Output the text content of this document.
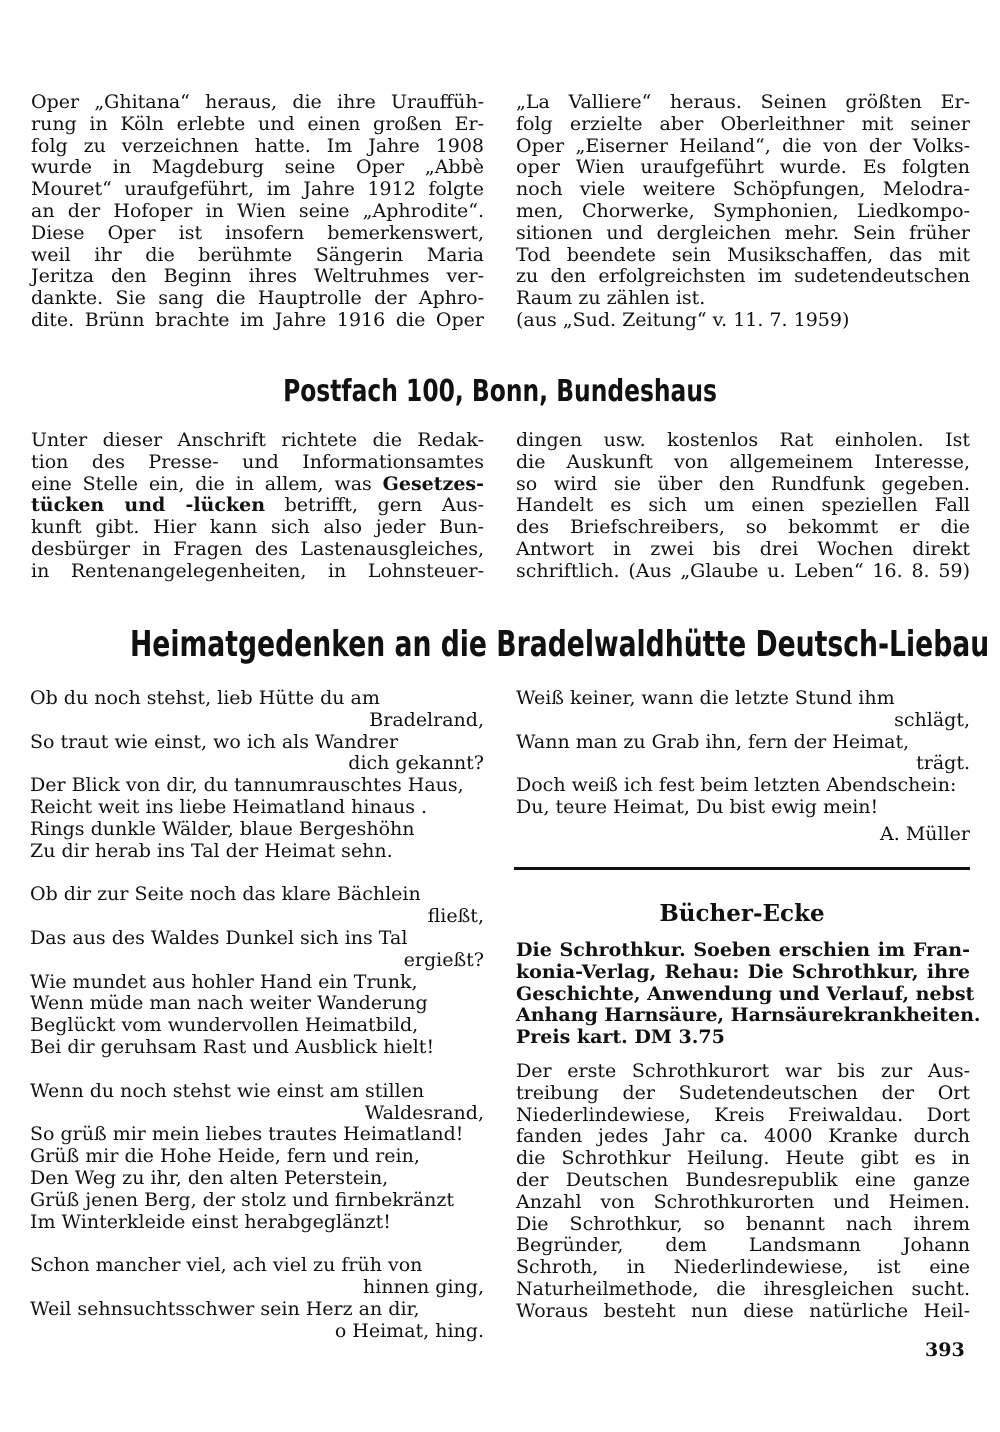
Oper „Ghitana“ heraus, die ihre Urauffüh-
rung in Köln erlebte und einen großen Er-
folg zu verzeichnen hatte. Im Jahre 1908
wurde in Magdeburg seine Oper „Abbè
Mouret“ uraufgeführt, im Jahre 1912 folgte
an der Hofoper in Wien seine „Aphrodite“.
Diese Oper ist insofern bemerkenswert,
weil ihr die berühmte Sängerin Maria
Jeritza den Beginn ihres Weltruhmes ver-
dankte. Sie sang die Hauptrolle der Aphro-
dite. Brünn brachte im Jahre 1916 die Oper
„La Valliere“ heraus. Seinen größten Er-
folg erzielte aber Oberleithner mit seiner
Oper „Eiserner Heiland“, die von der Volks-
oper Wien uraufgeführt wurde. Es folgten
noch viele weitere Schöpfungen, Melodra-
men, Chorwerke, Symphonien, Liedkompo-
sitionen und dergleichen mehr. Sein früher
Tod beendete sein Musikschaffen, das mit
zu den erfolgreichsten im sudetendeutschen
Raum zu zählen ist.
(aus „Sud. Zeitung“ v. 11. 7. 1959)
Postfach 100, Bonn, Bundeshaus
Unter dieser Anschrift richtete die Redak-
tion des Presse- und Informationsamtes
eine Stelle ein, die in allem, was Gesetzes-
tücken und -lücken betrifft, gern Aus-
kunft gibt. Hier kann sich also jeder Bun-
desbürger in Fragen des Lastenausgleiches,
in Rentenangelegenheiten, in Lohnsteuer-
dingen usw. kostenlos Rat einholen. Ist
die Auskunft von allgemeinem Interesse,
so wird sie über den Rundfunk gegeben.
Handelt es sich um einen speziellen Fall
des Briefschreibers, so bekommt er die
Antwort in zwei bis drei Wochen direkt
schriftlich. (Aus „Glaube u. Leben“ 16. 8. 59)
Heimatgedenken an die Bradelwaldhütte Deutsch-Liebau
Ob du noch stehst, lieb Hütte du am
Bradelrand,
So traut wie einst, wo ich als Wandrer
dich gekannt?
Der Blick von dir, du tannumrauschtes Haus,
Reicht weit ins liebe Heimatland hinaus .
Rings dunkle Wälder, blaue Bergeshöhn
Zu dir herab ins Tal der Heimat sehn.
Ob dir zur Seite noch das klare Bächlein
fließt,
Das aus des Waldes Dunkel sich ins Tal
ergießt?
Wie mundet aus hohler Hand ein Trunk,
Wenn müde man nach weiter Wanderung
Beglückt vom wundervollen Heimatbild,
Bei dir geruhsam Rast und Ausblick hielt!
Wenn du noch stehst wie einst am stillen
Waldesrand,
So grüß mir mein liebes trautes Heimatland!
Grüß mir die Hohe Heide, fern und rein,
Den Weg zu ihr, den alten Peterstein,
Grüß jenen Berg, der stolz und firnbekränzt
Im Winterkleide einst herabgeglänzt!
Schon mancher viel, ach viel zu früh von
hinnen ging,
Weil sehnsuchtsschwer sein Herz an dir,
o Heimat, hing.
Weiß keiner, wann die letzte Stund ihm
schlägt,
Wann man zu Grab ihn, fern der Heimat,
trägt.
Doch weiß ich fest beim letzten Abendschein:
Du, teure Heimat, Du bist ewig mein!
A. Müller
Bücher-Ecke
Die Schrothkur. Soeben erschien im Fran-
konia-Verlag, Rehau: Die Schrothkur, ihre
Geschichte, Anwendung und Verlauf, nebst
Anhang Harnsäure, Harnsäurekrankheiten.
Preis kart. DM 3.75
Der erste Schrothkurort war bis zur Aus-
treibung der Sudetendeutschen der Ort
Niederlindewiese, Kreis Freiwaldau. Dort
fanden jedes Jahr ca. 4000 Kranke durch
die Schrothkur Heilung. Heute gibt es in
der Deutschen Bundesrepublik eine ganze
Anzahl von Schrothkurorten und Heimen.
Die Schrothkur, so benannt nach ihrem
Begründer, dem Landsmann Johann
Schroth, in Niederlindewiese, ist eine
Naturheilmethode, die ihresgleichen sucht.
Woraus besteht nun diese natürliche Heil-
393
